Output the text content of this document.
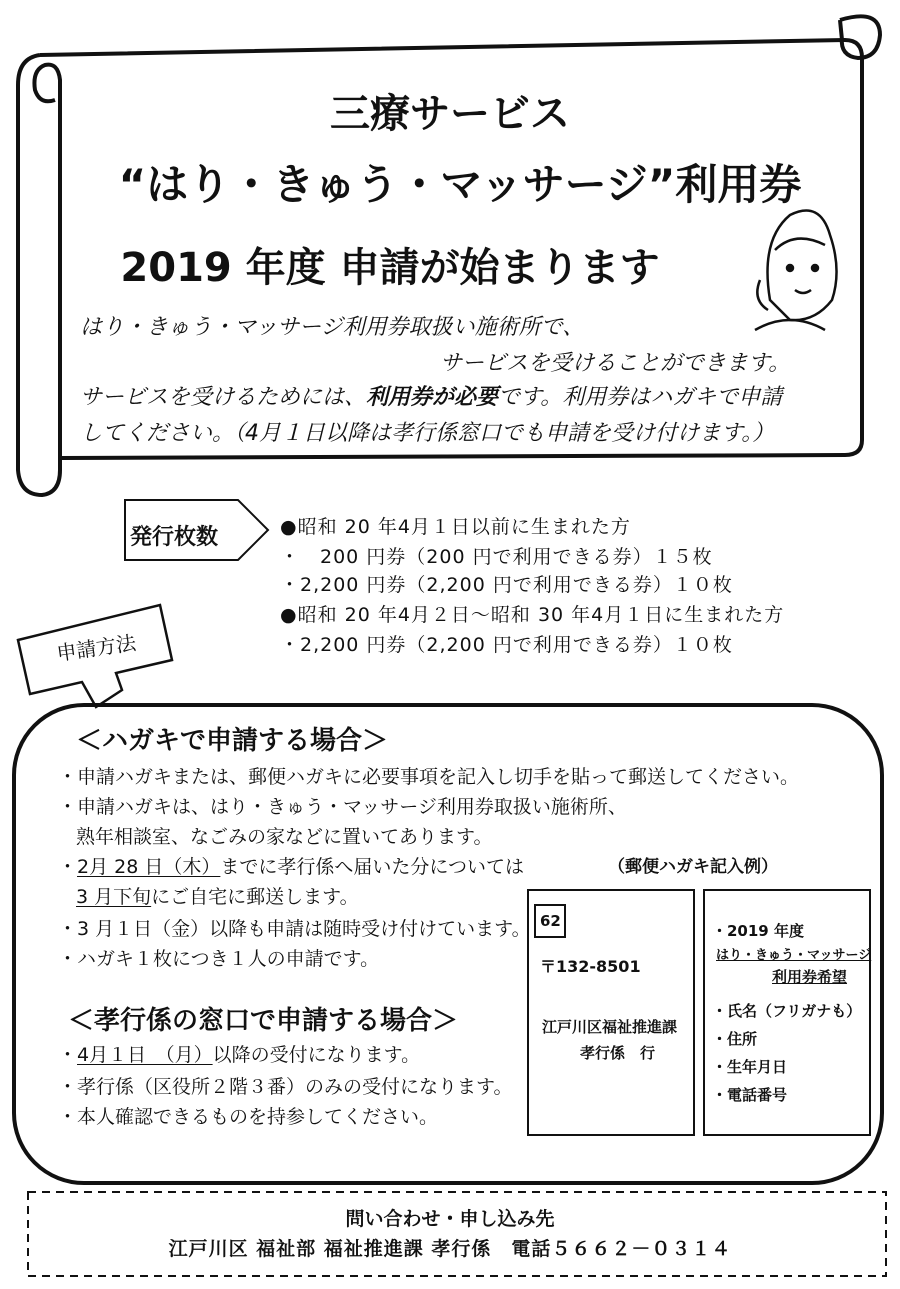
三療サービス
“はり・きゅう・マッサージ”利用券
2019 年度 申請が始まります
はり・きゅう・マッサージ利用券取扱い施術所で、
サービスを受けることができます。
サービスを受けるためには、利用券が必要です。利用券はハガキで申請
してください。（4月１日以降は孝行係窓口でも申請を受け付けます。）
発行枚数	●昭和 20 年4月１日以前に生まれた方
・　200 円券（200 円で利用できる券）１５枚
・2,200 円券（2,200 円で利用できる券）１０枚
●昭和 20 年4月２日～昭和 30 年4月１日に生まれた方
・2,200 円券（2,200 円で利用できる券）１０枚
申請方法
＜ハガキで申請する場合＞
・申請ハガキまたは、郵便ハガキに必要事項を記入し切手を貼って郵送してください。
・申請ハガキは、はり・きゅう・マッサージ利用券取扱い施術所、
熟年相談室、なごみの家などに置いてあります。
・2月 28 日（木）までに孝行係へ届いた分については
3 月下旬にご自宅に郵送します。
・3 月１日（金）以降も申請は随時受け付けています。
・ハガキ１枚につき１人の申請です。
＜孝行係の窓口で申請する場合＞
・4月１日　（月）以降の受付になります。
・孝行係（区役所２階３番）のみの受付になります。
・本人確認できるものを持参してください。
（郵便ハガキ記入例）
62
〒132-8501
江戸川区福祉推進課
孝行係　行
・2019 年度
はり・きゅう・マッサージ
利用券希望
・氏名（フリガナも）
・住所
・生年月日
・電話番号
問い合わせ・申し込み先
江戸川区 福祉部 福祉推進課 孝行係　電話５６６２－０３１４
